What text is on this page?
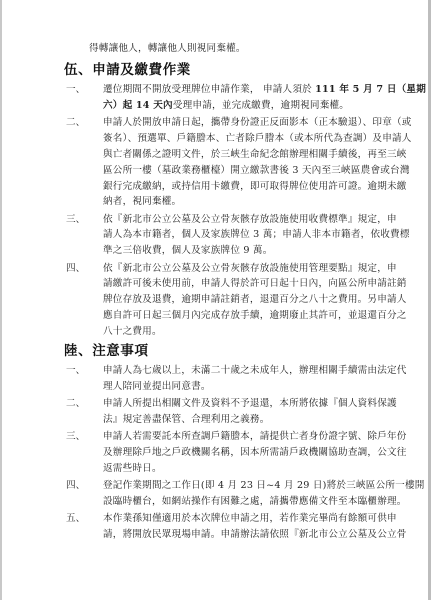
得轉讓他人，轉讓他人則視同棄權。
伍、申請及繳費作業
一、 遷位期間不開放受理牌位申請作業， 申請人須於 111 年 5 月 7 日（星期
六）起 14 天內受理申請，並完成繳費，逾期視同棄權。
二、 申請人於開放申請日起，攜帶身份證正反面影本（正本驗退）、印章（或
簽名）、預選單、戶籍謄本、亡者除戶謄本（或本所代為查調）及申請人
與亡者關係之證明文件，於三峽生命紀念館辦理相關手續後，再至三峽
區公所一樓（墓政業務櫃檯）開立繳款書後 3 天內至三峽區農會或台灣
銀行完成繳納，或持信用卡繳費，即可取得牌位使用許可證。逾期未繳
納者，視同棄權。
三、 依『新北市公立公墓及公立骨灰骸存放設施使用收費標準』規定，申
請人為本市籍者，個人及家族牌位 3 萬；申請人非本市籍者，依收費標
準之三倍收費，個人及家族牌位 9 萬。
四、 依『新北市公立公墓及公立骨灰骸存放設施使用管理要點』規定，申
請繳許可後未使用前，申請人得於許可日起十日內，向區公所申請註銷
牌位存放及退費，逾期申請註銷者，退還百分之八十之費用。另申請人
應自許可日起三個月內完成存放手續，逾期廢止其許可，並退還百分之
八十之費用。
陸、注意事項
一、 申請人為七歲以上，未滿二十歲之未成年人，辦理相關手續需由法定代
理人陪同並提出同意書。
二、 申請人所提出相關文件及資料不予退還，本所將依據『個人資料保護
法』規定善盡保管、合理利用之義務。
三、 申請人若需要託本所查調戶籍謄本，請提供亡者身份證字號、除戶年份
及辦理除戶地之戶政機關名稱，因本所需請戶政機關協助查調，公文往
返需些時日。
四、 登記作業期間之工作日(即 4 月 23 日~4 月 29 日)將於三峽區公所一樓開
設臨時櫃台，如網站操作有困難之處，請攜帶應備文件至本臨櫃辦理。
五、 本作業孫知僅適用於本次牌位申請之用，若作業完畢尚有餘額可供申
請，將開放民眾現場申請。申請辦法請依照『新北市公立公墓及公立骨
